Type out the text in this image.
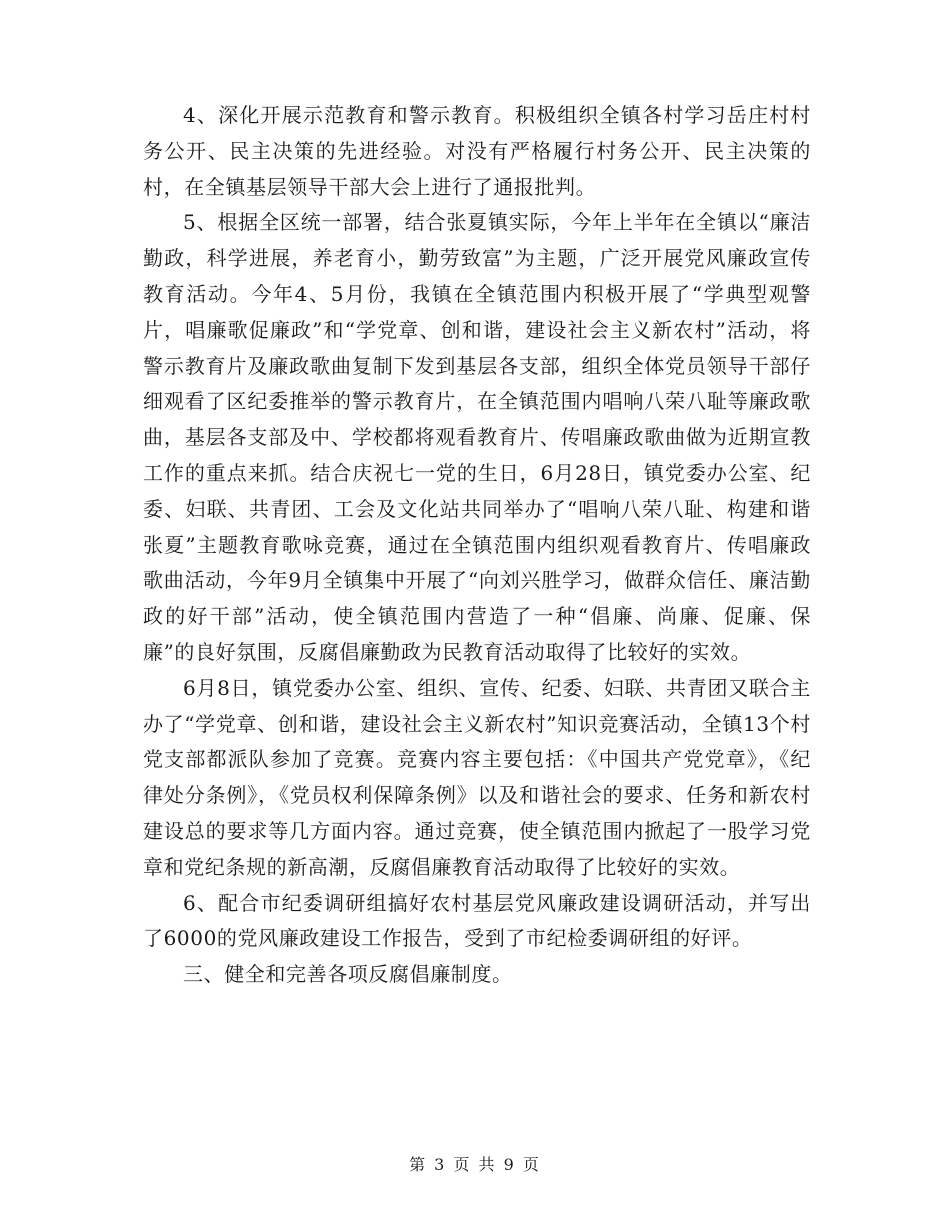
4、深化开展示范教育和警示教育。积极组织全镇各村学习岳庄村村务公开、民主决策的先进经验。对没有严格履行村务公开、民主决策的村，在全镇基层领导干部大会上进行了通报批判。

5、根据全区统一部署，结合张夏镇实际，今年上半年在全镇以“廉洁勤政，科学进展，养老育小，勤劳致富”为主题，广泛开展党风廉政宣传教育活动。今年4、5月份，我镇在全镇范围内积极开展了“学典型观警片，唱廉歌促廉政”和“学党章、创和谐，建设社会主义新农村”活动，将警示教育片及廉政歌曲复制下发到基层各支部，组织全体党员领导干部仔细观看了区纪委推举的警示教育片，在全镇范围内唱响八荣八耻等廉政歌曲，基层各支部及中、学校都将观看教育片、传唱廉政歌曲做为近期宣教工作的重点来抓。结合庆祝七一党的生日，6月28日，镇党委办公室、纪委、妇联、共青团、工会及文化站共同举办了“唱响八荣八耻、构建和谐张夏”主题教育歌咏竞赛，通过在全镇范围内组织观看教育片、传唱廉政歌曲活动，今年9月全镇集中开展了“向刘兴胜学习，做群众信任、廉洁勤政的好干部”活动，使全镇范围内营造了一种“倡廉、尚廉、促廉、保廉”的良好氛围，反腐倡廉勤政为民教育活动取得了比较好的实效。

6月8日，镇党委办公室、组织、宣传、纪委、妇联、共青团又联合主办了“学党章、创和谐，建设社会主义新农村”知识竞赛活动，全镇13个村党支部都派队参加了竞赛。竞赛内容主要包括：《中国共产党党章》，《纪律处分条例》，《党员权利保障条例》以及和谐社会的要求、任务和新农村建设总的要求等几方面内容。通过竞赛，使全镇范围内掀起了一股学习党章和党纪条规的新高潮，反腐倡廉教育活动取得了比较好的实效。

6、配合市纪委调研组搞好农村基层党风廉政建设调研活动，并写出了6000的党风廉政建设工作报告，受到了市纪检委调研组的好评。

三、健全和完善各项反腐倡廉制度。

第 3 页 共 9 页
